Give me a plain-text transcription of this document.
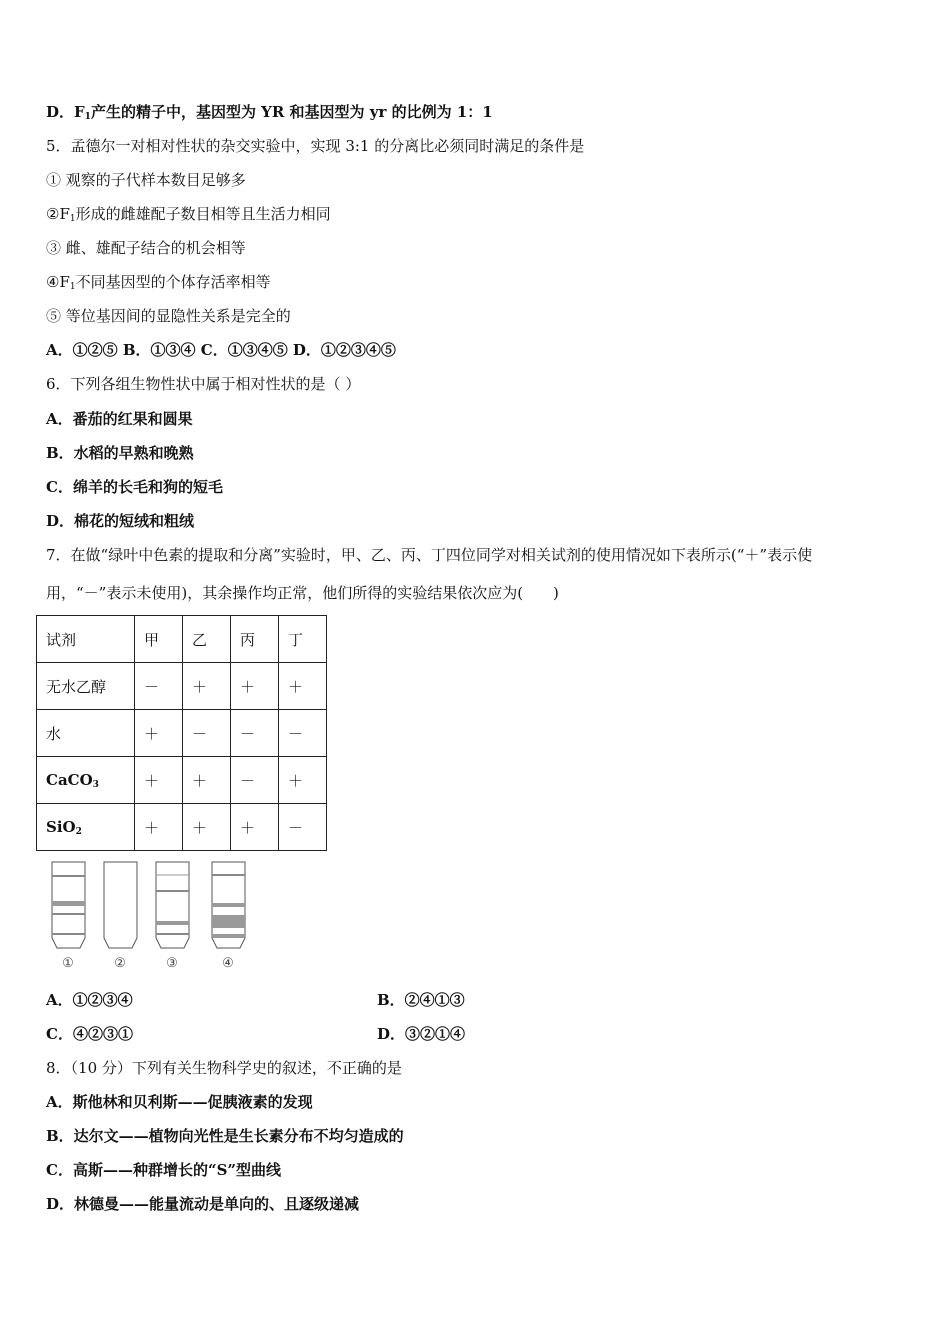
D．$F_1$产生的精子中，基因型为 YR 和基因型为 yr 的比例为 1：1
5．孟德尔一对相对性状的杂交实验中，实现 3:1 的分离比必须同时满足的条件是
① 观察的子代样本数目足够多
$②F_1$形成的雌雄配子数目相等且生活力相同
③ 雌、雄配子结合的机会相等
$④F_1$不同基因型的个体存活率相等
⑤ 等位基因间的显隐性关系是完全的
A．①②⑤ B．①③④ C．①③④⑤ D．①②③④⑤
6．下列各组生物性状中属于相对性状的是（ ）
A．番茄的红果和圆果
B．水稻的早熟和晚熟
C．绵羊的长毛和狗的短毛
D．棉花的短绒和粗绒
7．在做“绿叶中色素的提取和分离”实验时，甲、乙、丙、丁四位同学对相关试剂的使用情况如下表所示(“＋”表示使
用，“－”表示未使用)，其余操作均正常，他们所得的实验结果依次应为(　　)
试剂	甲	乙	丙	丁
无水乙醇	－	＋	＋	＋
水	＋	－	－	－
CaCO$_3$	＋	＋	－	＋
SiO$_2$	＋	＋	＋	－
①	②	③	④
A．①②③④	B．②④①③
C．④②③①	D．③②①④
8．（10 分）下列有关生物科学史的叙述，不正确的是
A．斯他林和贝利斯——促胰液素的发现
B．达尔文——植物向光性是生长素分布不均匀造成的
C．高斯——种群增长的“S”型曲线
D．林德曼——能量流动是单向的、且逐级递减
